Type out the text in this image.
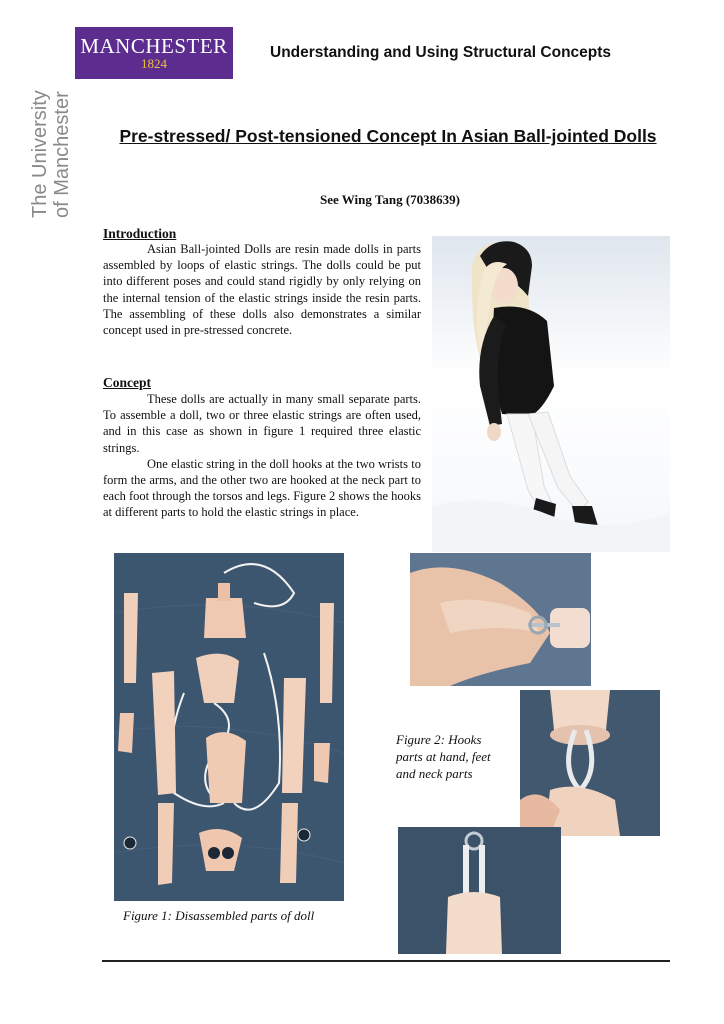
MANCHESTER
1824
The University of Manchester
Understanding and Using Structural Concepts
Pre-stressed/ Post-tensioned Concept In Asian Ball-jointed Dolls
See Wing Tang (7038639)
Introduction

Asian Ball-jointed Dolls are resin made dolls in parts assembled by loops of elastic strings. The dolls could be put into different poses and could stand rigidly by only relying on the internal tension of the elastic strings inside the resin parts. The assembling of these dolls also demonstrates a similar concept used in pre-stressed concrete.

Concept

These dolls are actually in many small separate parts. To assemble a doll, two or three elastic strings are often used, and in this case as shown in figure 1 required three elastic strings.

One elastic string in the doll hooks at the two wrists to form the arms, and the other two are hooked at the neck part to each foot through the torsos and legs. Figure 2 shows the hooks at different parts to hold the elastic strings in place.

Figure 1: Disassembled parts of doll
Figure 2: Hooks parts at hand, feet and neck parts
